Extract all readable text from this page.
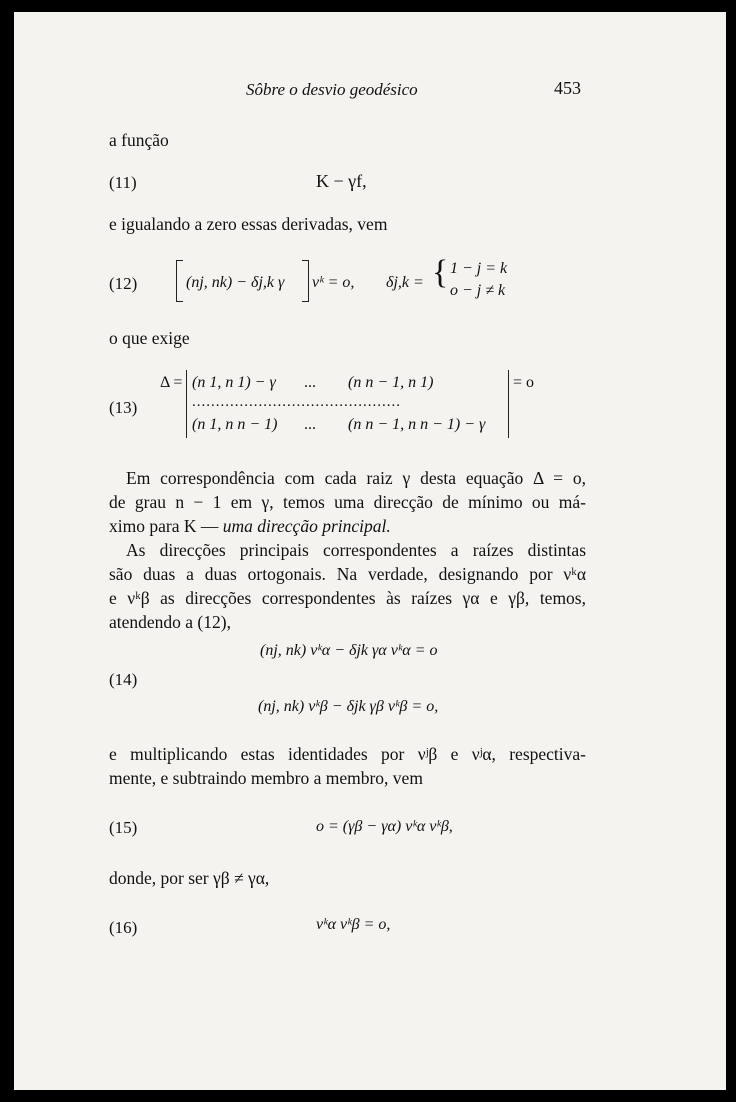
Sôbre o desvio geodésico	453
a função
(11)	K − γf,
e igualando a zero essas derivadas, vem
(12)	(nj, nk) − δj,k γ νᵏ = o, δj,k = { 1 − j = k
o − j ≠ k
o que exige
(13)
Δ = (n 1, n 1) − γ ... (n n − 1, n 1)
............................................
(n 1, n n − 1) ... (n n − 1, n n − 1) − γ
= o
Em correspondência com cada raiz γ desta equação Δ = o,
de grau n − 1 em γ, temos uma direcção de mínimo ou má-
ximo para K — uma direcção principal.
As direcções principais correspondentes a raízes distintas
são duas a duas ortogonais. Na verdade, designando por νᵏα
e νᵏβ as direcções correspondentes às raízes γα e γβ, temos,
atendendo a (12),
(nj, nk) νᵏα − δjk γα νᵏα = o
(14)
(nj, nk) νᵏβ − δjk γβ νᵏβ = o,
e multiplicando estas identidades por νʲβ e νʲα, respectiva-
mente, e subtraindo membro a membro, vem
(15)	o = (γβ − γα) νᵏα νᵏβ,
donde, por ser γβ ≠ γα,
(16)	νᵏα νᵏβ = o,
